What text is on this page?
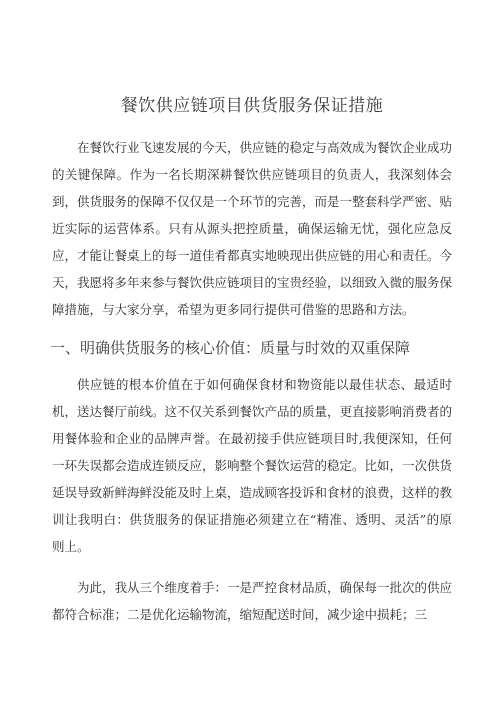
餐饮供应链项目供货服务保证措施

在餐饮行业飞速发展的今天，供应链的稳定与高效成为餐饮企业成功的关键保障。作为一名长期深耕餐饮供应链项目的负责人，我深刻体会到，供货服务的保障不仅仅是一个环节的完善，而是一整套科学严密、贴近实际的运营体系。只有从源头把控质量，确保运输无忧，强化应急反应，才能让餐桌上的每一道佳肴都真实地映现出供应链的用心和责任。今天，我愿将多年来参与餐饮供应链项目的宝贵经验，以细致入微的服务保障措施，与大家分享，希望为更多同行提供可借鉴的思路和方法。

一、明确供货服务的核心价值：质量与时效的双重保障

供应链的根本价值在于如何确保食材和物资能以最佳状态、最适时机，送达餐厅前线。这不仅关系到餐饮产品的质量，更直接影响消费者的用餐体验和企业的品牌声誉。在最初接手供应链项目时,我便深知，任何一环失误都会造成连锁反应，影响整个餐饮运营的稳定。比如，一次供货延误导致新鲜海鲜没能及时上桌，造成顾客投诉和食材的浪费，这样的教训让我明白：供货服务的保证措施必须建立在“精准、透明、灵活”的原则上。

为此，我从三个维度着手：一是严控食材品质，确保每一批次的供应都符合标准；二是优化运输物流，缩短配送时间，减少途中损耗；三
